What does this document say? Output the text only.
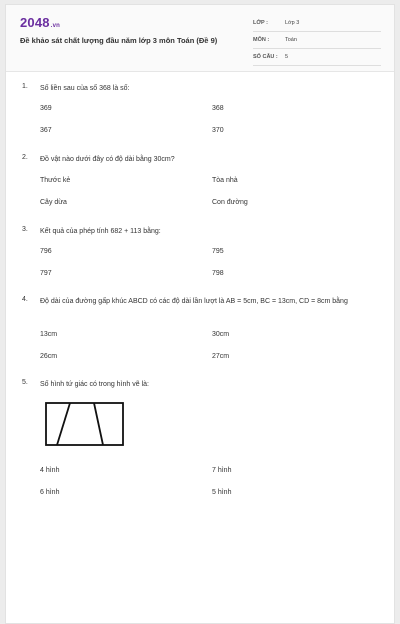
2048.vn
Đề khảo sát chất lượng đầu năm lớp 3 môn Toán (Đề 9)
LỚP :	Lớp 3
MÔN :	Toán
SỐ CÂU :	5
1. Số liền sau của số 368 là số:
369	368
367	370
2. Đồ vật nào dưới đây có độ dài bằng 30cm?
Thước kẻ	Tòa nhà
Cây dừa	Con đường
3. Kết quả của phép tính 682 + 113 bằng:
796	795
797	798
4. Độ dài của đường gấp khúc ABCD có các độ dài lần lượt là AB = 5cm, BC = 13cm, CD = 8cm bằng
13cm	30cm
26cm	27cm
5. Số hình tứ giác có trong hình vẽ là:
4 hình	7 hình
6 hình	5 hình
